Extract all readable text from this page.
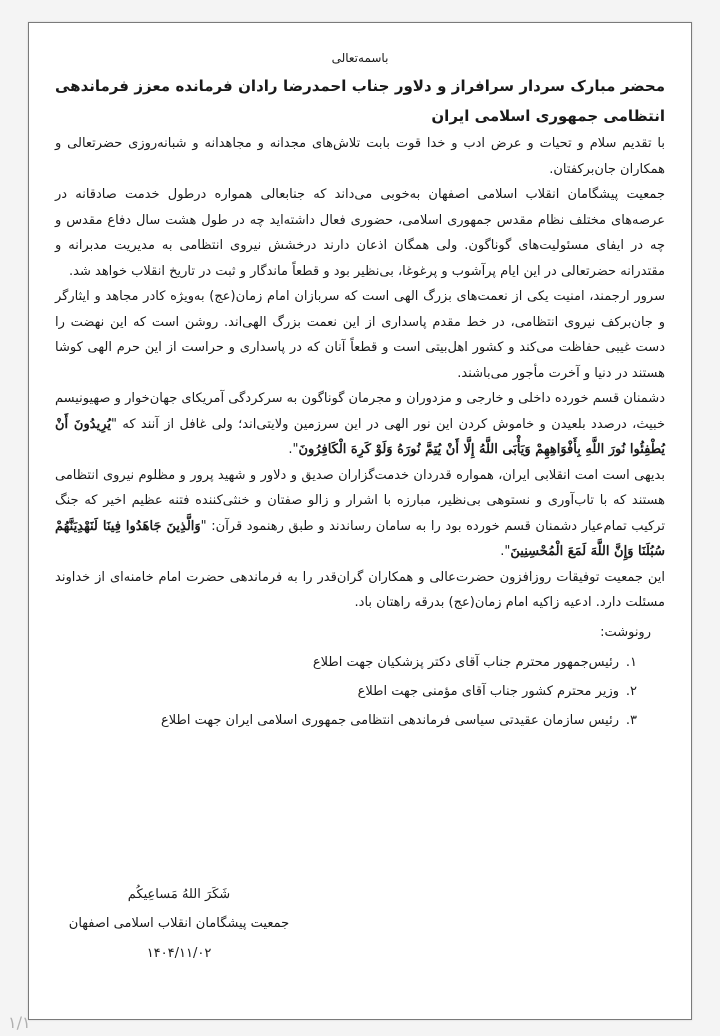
باسمه‌تعالی

محضر مبارک سردار سرافراز و دلاور جناب احمدرضا رادان فرمانده معزز فرماندهی انتظامی جمهوری اسلامی ایران

با تقدیم سلام و تحیات و عرض ادب و خدا قوت بابت تلاش‌های مجدانه و مجاهدانه و شبانه‌روزی حضرتعالی و همکاران جان‌برکفتان.

جمعیت پیشگامان انقلاب اسلامی اصفهان به‌خوبی می‌داند که جنابعالی همواره درطول خدمت صادقانه در عرصه‌های مختلف نظام مقدس جمهوری اسلامی، حضوری فعال داشته‌اید چه در طول هشت سال دفاع مقدس و چه در ایفای مسئولیت‌های گوناگون. ولی همگان اذعان دارند درخشش نیروی انتظامی به مدیریت مدبرانه و مقتدرانه حضرتعالی در این ایام پرآشوب و پرغوغا، بی‌نظیر بود و قطعاً ماندگار و ثبت در تاریخ انقلاب خواهد شد.

سرور ارجمند، امنیت یکی از نعمت‌های بزرگ الهی است که سربازان امام زمان(عج) به‌ویژه کادر مجاهد و ایثارگر و جان‌برکف نیروی انتظامی، در خط مقدم پاسداری از این نعمت بزرگ الهی‌اند. روشن است که این نهضت را دست غیبی حفاظت می‌کند و کشور اهل‌بیتی است و قطعاً آنان که در پاسداری و حراست از این حرم الهی کوشا هستند در دنیا و آخرت مأجور می‌باشند.

دشمنان قسم خورده داخلی و خارجی و مزدوران و مجرمان گوناگون به سرکردگی آمریکای جهان‌خوار و صهیونیسم خبیث، درصدد بلعیدن و خاموش کردن این نور الهی در این سرزمین ولایتی‌اند؛ ولی غافل از آنند که "يُرِيدُونَ أَنْ يُطْفِئُوا نُورَ اللَّهِ بِأَفْوَاهِهِمْ وَيَأْبَى اللَّهُ إِلَّا أَنْ يُتِمَّ نُورَهُ وَلَوْ كَرِهَ الْكَافِرُونَ".

بدیهی است امت انقلابی ایران، همواره قدردان خدمت‌گزاران صدیق و دلاور و شهید پرور و مظلوم نیروی انتظامی هستند که با تاب‌آوری و نستوهی بی‌نظیر، مبارزه با اشرار و زالو صفتان و خنثی‌کننده فتنه عظیم اخیر که جنگ ترکیب تمام‌عیار دشمنان قسم خورده بود را به سامان رساندند و طبق رهنمود قرآن: "وَالَّذِينَ جَاهَدُوا فِينَا لَنَهْدِيَنَّهُمْ سُبُلَنَا وَإِنَّ اللَّهَ لَمَعَ الْمُحْسِنِينَ".

این جمعیت توفیقات روزافزون حضرت‌عالی و همکاران گران‌قدر را به فرماندهی حضرت امام خامنه‌ای از خداوند مسئلت دارد. ادعیه زاکیه امام زمان(عج) بدرقه راهتان باد.

رونوشت:

۱.رئیس‌جمهور محترم جناب آقای دکتر پزشکیان جهت اطلاع
۲.وزیر محترم کشور جناب آقای مؤمنی جهت اطلاع
۳.رئیس سازمان عقیدتی سیاسی فرماندهی انتظامی جمهوری اسلامی ایران جهت اطلاع
شَكَرَ اللهُ مَساعِيكُم
جمعیت پیشگامان انقلاب اسلامی اصفهان
۱۴۰۴/۱۱/۰۲
۱/۱
